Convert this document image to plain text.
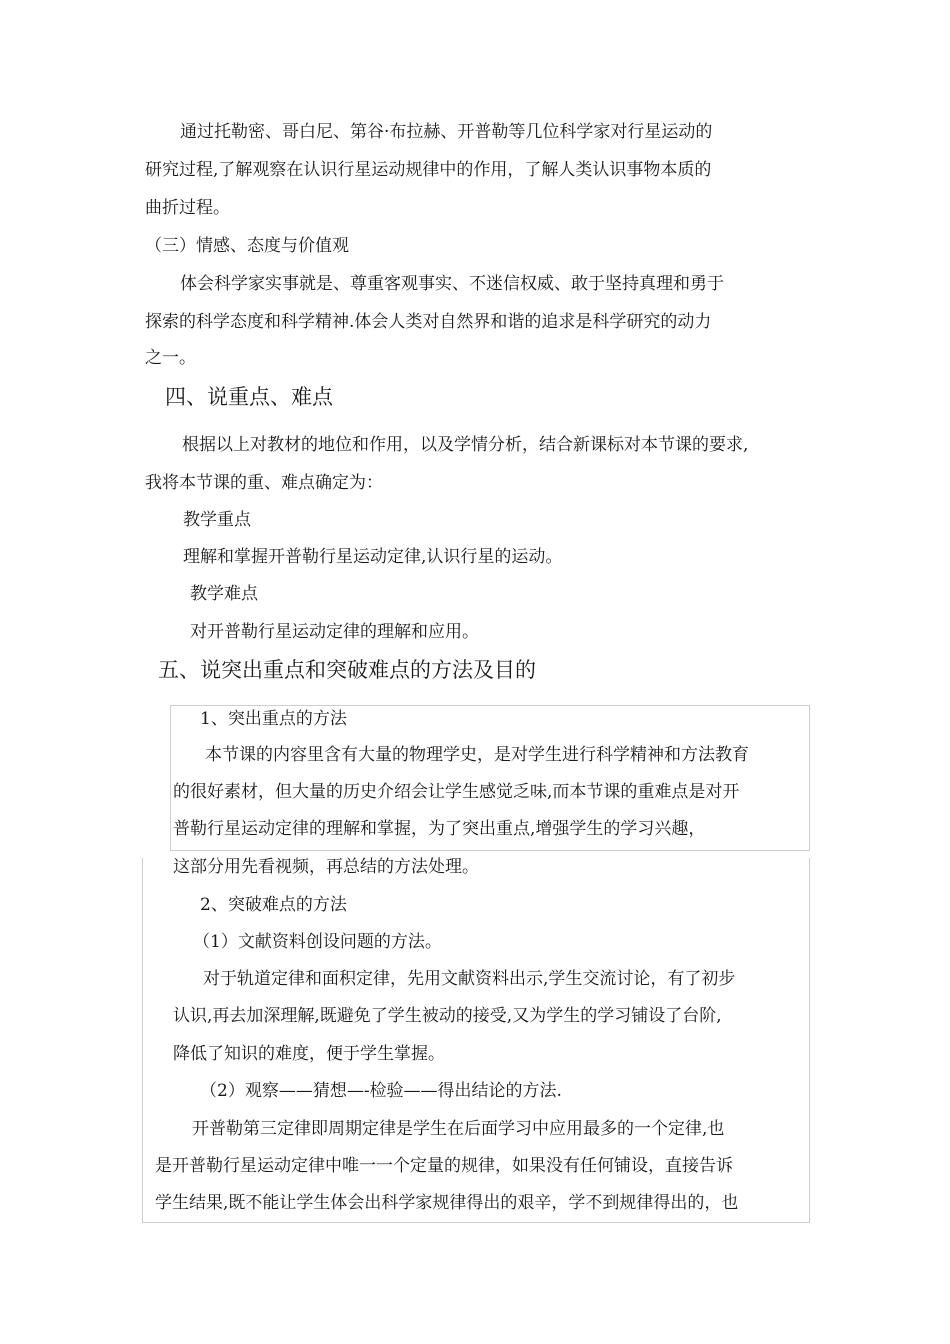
通过托勒密、哥白尼、第谷·布拉赫、开普勒等几位科学家对行星运动的
研究过程,了解观察在认识行星运动规律中的作用，了解人类认识事物本质的
曲折过程。
（三）情感、态度与价值观
体会科学家实事就是、尊重客观事实、不迷信权威、敢于坚持真理和勇于
探索的科学态度和科学精神.体会人类对自然界和谐的追求是科学研究的动力
之一。
四、说重点、难点
根据以上对教材的地位和作用，以及学情分析，结合新课标对本节课的要求,
我将本节课的重、难点确定为：
教学重点
理解和掌握开普勒行星运动定律,认识行星的运动。
教学难点
对开普勒行星运动定律的理解和应用。
五、说突出重点和突破难点的方法及目的
1、突出重点的方法
本节课的内容里含有大量的物理学史，是对学生进行科学精神和方法教育
的很好素材，但大量的历史介绍会让学生感觉乏味,而本节课的重难点是对开
普勒行星运动定律的理解和掌握，为了突出重点,增强学生的学习兴趣，
这部分用先看视频，再总结的方法处理。
2、突破难点的方法
（1）文献资料创设问题的方法。
对于轨道定律和面积定律，先用文献资料出示,学生交流讨论，有了初步
认识,再去加深理解,既避免了学生被动的接受,又为学生的学习铺设了台阶,
降低了知识的难度，便于学生掌握。
（2）观察——猜想—-检验——得出结论的方法.
开普勒第三定律即周期定律是学生在后面学习中应用最多的一个定律,也
是开普勒行星运动定律中唯一一个定量的规律，如果没有任何铺设，直接告诉
学生结果,既不能让学生体会出科学家规律得出的艰辛，学不到规律得出的，也
